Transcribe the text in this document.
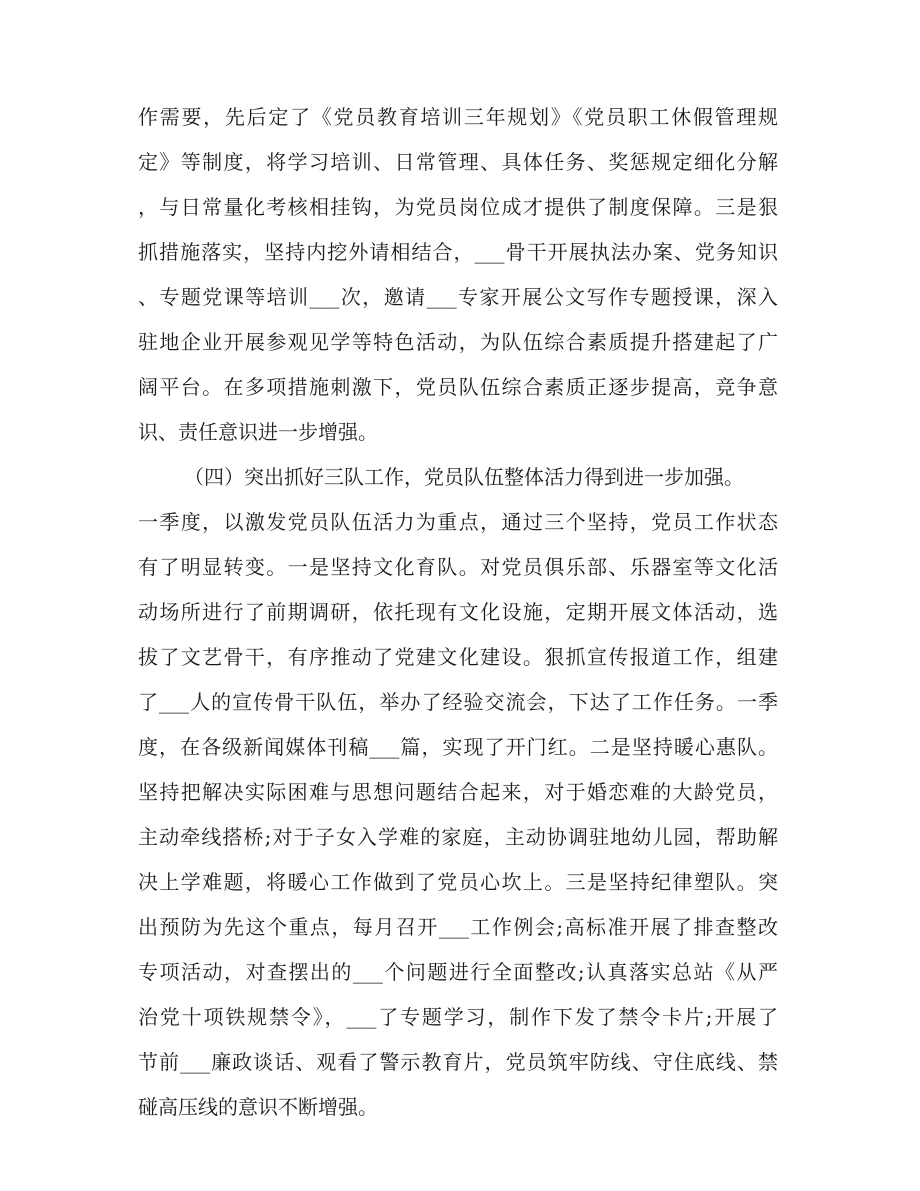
作需要，先后定了《党员教育培训三年规划》《党员职工休假管理规
定》等制度，将学习培训、日常管理、具体任务、奖惩规定细化分解
，与日常量化考核相挂钩，为党员岗位成才提供了制度保障。三是狠
抓措施落实，坚持内挖外请相结合，___骨干开展执法办案、党务知识
、专题党课等培训___次，邀请___专家开展公文写作专题授课，深入
驻地企业开展参观见学等特色活动，为队伍综合素质提升搭建起了广
阔平台。在多项措施刺激下，党员队伍综合素质正逐步提高，竞争意
识、责任意识进一步增强。
（四）突出抓好三队工作，党员队伍整体活力得到进一步加强。
一季度，以激发党员队伍活力为重点，通过三个坚持，党员工作状态
有了明显转变。一是坚持文化育队。对党员俱乐部、乐器室等文化活
动场所进行了前期调研，依托现有文化设施，定期开展文体活动，选
拔了文艺骨干，有序推动了党建文化建设。狠抓宣传报道工作，组建
了___人的宣传骨干队伍，举办了经验交流会，下达了工作任务。一季
度，在各级新闻媒体刊稿___篇，实现了开门红。二是坚持暖心惠队。
坚持把解决实际困难与思想问题结合起来，对于婚恋难的大龄党员，
主动牵线搭桥;对于子女入学难的家庭，主动协调驻地幼儿园，帮助解
决上学难题，将暖心工作做到了党员心坎上。三是坚持纪律塑队。突
出预防为先这个重点，每月召开___工作例会;高标准开展了排查整改
专项活动，对查摆出的___个问题进行全面整改;认真落实总站《从严
治党十项铁规禁令》，___了专题学习，制作下发了禁令卡片;开展了
节前___廉政谈话、观看了警示教育片，党员筑牢防线、守住底线、禁
碰高压线的意识不断增强。
